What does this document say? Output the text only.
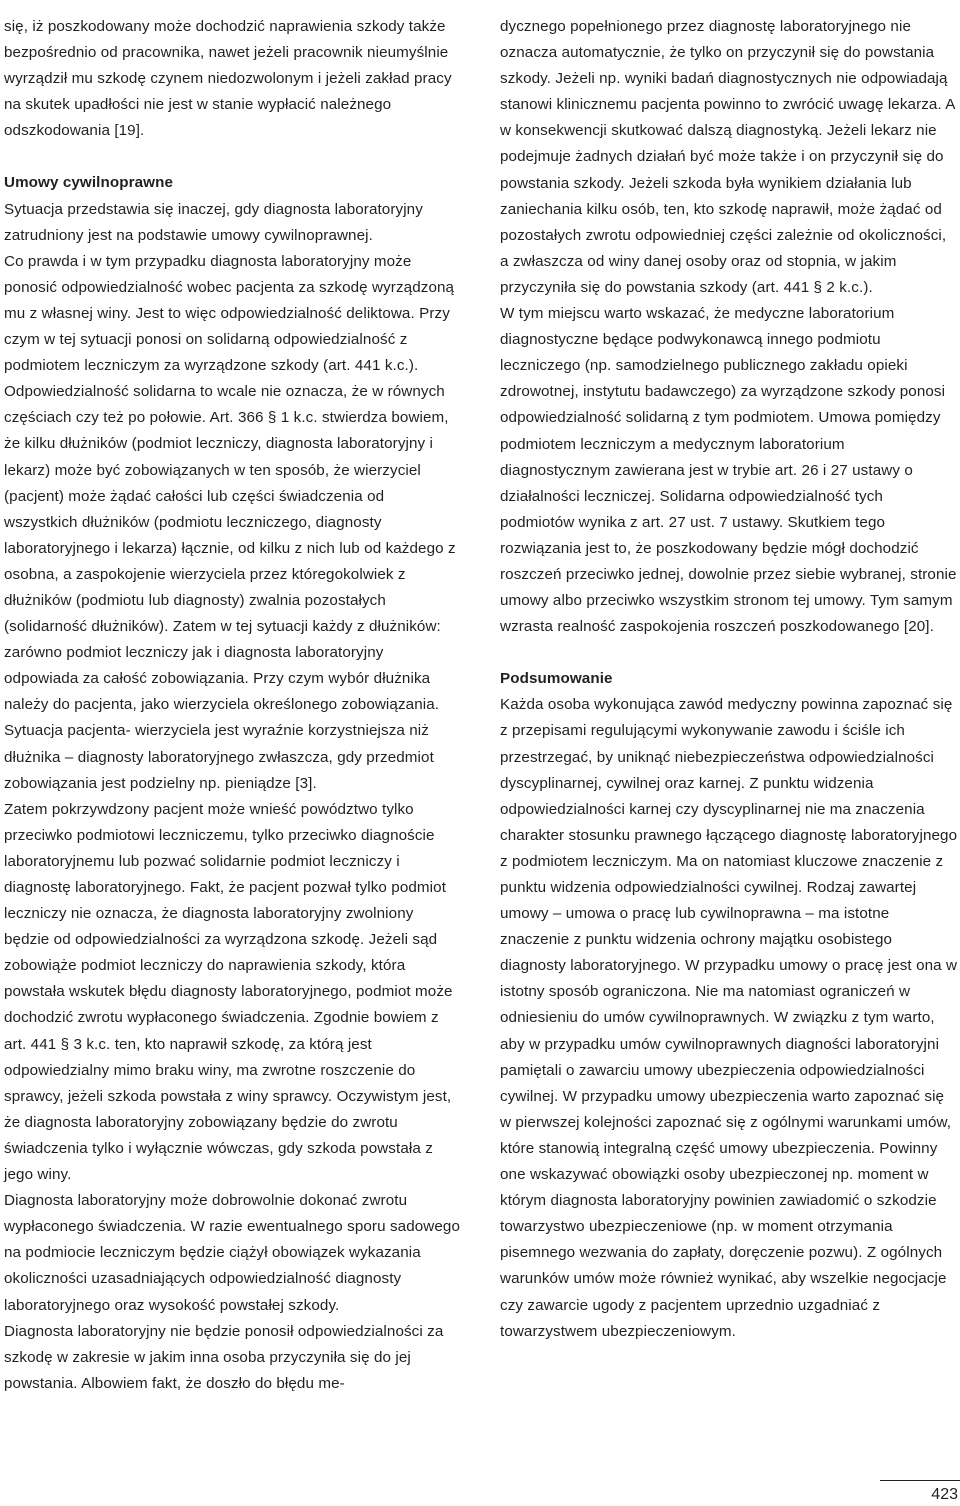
się, iż poszkodowany może dochodzić naprawienia szkody także bezpośrednio od pracownika, nawet jeżeli pracownik nieumyślnie wyrządził mu szkodę czynem niedozwolonym i jeżeli zakład pracy na skutek upadłości nie jest w stanie wypłacić należnego odszkodowania [19].

Umowy cywilnoprawne

Sytuacja przedstawia się inaczej, gdy diagnosta laboratoryjny zatrudniony jest na podstawie umowy cywilnoprawnej.

Co prawda i w tym przypadku diagnosta laboratoryjny może ponosić odpowiedzialność wobec pacjenta za szkodę wyrządzoną mu z własnej winy. Jest to więc odpowiedzialność deliktowa. Przy czym w tej sytuacji ponosi on solidarną odpowiedzialność z podmiotem leczniczym za wyrządzone szkody (art. 441 k.c.). Odpowiedzialność solidarna to wcale nie oznacza, że w równych częściach czy też po połowie. Art. 366 § 1 k.c. stwierdza bowiem, że kilku dłużników (podmiot leczniczy, diagnosta laboratoryjny i lekarz) może być zobowiązanych w ten sposób, że wierzyciel (pacjent) może żądać całości lub części świadczenia od wszystkich dłużników (podmiotu leczniczego, diagnosty laboratoryjnego i lekarza) łącznie, od kilku z nich lub od każdego z osobna, a zaspokojenie wierzyciela przez któregokolwiek z dłużników (podmiotu lub diagnosty) zwalnia pozostałych (solidarność dłużników). Zatem w tej sytuacji każdy z dłużników: zarówno podmiot leczniczy jak i diagnosta laboratoryjny odpowiada za całość zobowiązania. Przy czym wybór dłużnika należy do pacjenta, jako wierzyciela określonego zobowiązania. Sytuacja pacjenta- wierzyciela jest wyraźnie korzystniejsza niż dłużnika – diagnosty laboratoryjnego zwłaszcza, gdy przedmiot zobowiązania jest podzielny np. pieniądze [3].

Zatem pokrzywdzony pacjent może wnieść powództwo tylko przeciwko podmiotowi leczniczemu, tylko przeciwko diagnoście laboratoryjnemu lub pozwać solidarnie podmiot leczniczy i diagnostę laboratoryjnego. Fakt, że pacjent pozwał tylko podmiot leczniczy nie oznacza, że diagnosta laboratoryjny zwolniony będzie od odpowiedzialności za wyrządzona szkodę. Jeżeli sąd zobowiąże podmiot leczniczy do naprawienia szkody, która powstała wskutek błędu diagnosty laboratoryjnego, podmiot może dochodzić zwrotu wypłaconego świadczenia. Zgodnie bowiem z art. 441 § 3 k.c. ten, kto naprawił szkodę, za którą jest odpowiedzialny mimo braku winy, ma zwrotne roszczenie do sprawcy, jeżeli szkoda powstała z winy sprawcy. Oczywistym jest, że diagnosta laboratoryjny zobowiązany będzie do zwrotu świadczenia tylko i wyłącznie wówczas, gdy szkoda powstała z jego winy.

Diagnosta laboratoryjny może dobrowolnie dokonać zwrotu wypłaconego świadczenia. W razie ewentualnego sporu sadowego na podmiocie leczniczym będzie ciążył obowiązek wykazania okoliczności uzasadniających odpowiedzialność diagnosty laboratoryjnego oraz wysokość powstałej szkody.

Diagnosta laboratoryjny nie będzie ponosił odpowiedzialności za szkodę w zakresie w jakim inna osoba przyczyniła się do jej powstania. Albowiem fakt, że doszło do błędu me-

dycznego popełnionego przez diagnostę laboratoryjnego nie oznacza automatycznie, że tylko on przyczynił się do powstania szkody. Jeżeli np. wyniki badań diagnostycznych nie odpowiadają stanowi klinicznemu pacjenta powinno to zwrócić uwagę lekarza. A w konsekwencji skutkować dalszą diagnostyką. Jeżeli lekarz nie podejmuje żadnych działań być może także i on przyczynił się do powstania szkody. Jeżeli szkoda była wynikiem działania lub zaniechania kilku osób, ten, kto szkodę naprawił, może żądać od pozostałych zwrotu odpowiedniej części zależnie od okoliczności, a zwłaszcza od winy danej osoby oraz od stopnia, w jakim przyczyniła się do powstania szkody (art. 441 § 2 k.c.).

W tym miejscu warto wskazać, że medyczne laboratorium diagnostyczne będące podwykonawcą innego podmiotu leczniczego (np. samodzielnego publicznego zakładu opieki zdrowotnej, instytutu badawczego) za wyrządzone szkody ponosi odpowiedzialność solidarną z tym podmiotem. Umowa pomiędzy podmiotem leczniczym a medycznym laboratorium diagnostycznym zawierana jest w trybie art. 26 i 27 ustawy o działalności leczniczej. Solidarna odpowiedzialność tych podmiotów wynika z art. 27 ust. 7 ustawy. Skutkiem tego rozwiązania jest to, że poszkodowany będzie mógł dochodzić roszczeń przeciwko jednej, dowolnie przez siebie wybranej, stronie umowy albo przeciwko wszystkim stronom tej umowy. Tym samym wzrasta realność zaspokojenia roszczeń poszkodowanego [20].

Podsumowanie

Każda osoba wykonująca zawód medyczny powinna zapoznać się z przepisami regulującymi wykonywanie zawodu i ściśle ich przestrzegać, by uniknąć niebezpieczeństwa odpowiedzialności dyscyplinarnej, cywilnej oraz karnej. Z punktu widzenia odpowiedzialności karnej czy dyscyplinarnej nie ma znaczenia charakter stosunku prawnego łączącego diagnostę laboratoryjnego z podmiotem leczniczym. Ma on natomiast kluczowe znaczenie z punktu widzenia odpowiedzialności cywilnej. Rodzaj zawartej umowy – umowa o pracę lub cywilnoprawna – ma istotne znaczenie z punktu widzenia ochrony majątku osobistego diagnosty laboratoryjnego. W przypadku umowy o pracę jest ona w istotny sposób ograniczona. Nie ma natomiast ograniczeń w odniesieniu do umów cywilnoprawnych. W związku z tym warto, aby w przypadku umów cywilnoprawnych diagności laboratoryjni pamiętali o zawarciu umowy ubezpieczenia odpowiedzialności cywilnej. W przypadku umowy ubezpieczenia warto zapoznać się w pierwszej kolejności zapoznać się z ogólnymi warunkami umów, które stanowią integralną część umowy ubezpieczenia. Powinny one wskazywać obowiązki osoby ubezpieczonej np. moment w którym diagnosta laboratoryjny powinien zawiadomić o szkodzie towarzystwo ubezpieczeniowe (np. w moment otrzymania pisemnego wezwania do zapłaty, doręczenie pozwu). Z ogólnych warunków umów może również wynikać, aby wszelkie negocjacje czy zawarcie ugody z pacjentem uprzednio uzgadniać z towarzystwem ubezpieczeniowym.

423
